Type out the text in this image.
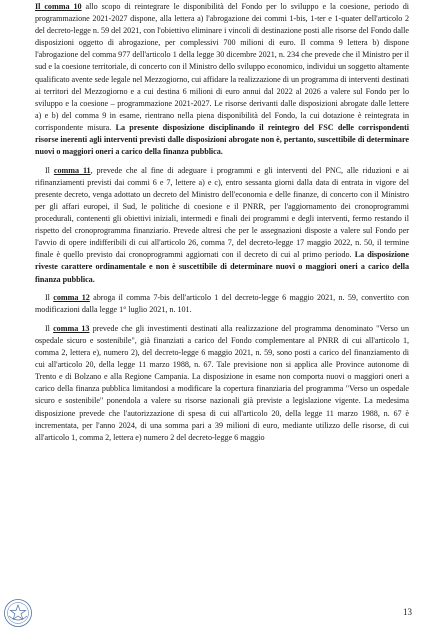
Il comma 10 allo scopo di reintegrare le disponibilità del Fondo per lo sviluppo e la coesione, periodo di programmazione 2021-2027 dispone, alla lettera a) l'abrogazione dei commi 1-bis, 1-ter e 1-quater dell'articolo 2 del decreto-legge n. 59 del 2021, con l'obiettivo eliminare i vincoli di destinazione posti alle risorse del Fondo dalle disposizioni oggetto di abrogazione, per complessivi 700 milioni di euro. Il comma 9 lettera b) dispone l'abrogazione del comma 977 dell'articolo 1 della legge 30 dicembre 2021, n. 234 che prevede che il Ministro per il sud e la coesione territoriale, di concerto con il Ministro dello sviluppo economico, individui un soggetto altamente qualificato avente sede legale nel Mezzogiorno, cui affidare la realizzazione di un programma di interventi destinati ai territori del Mezzogiorno e a cui destina 6 milioni di euro annui dal 2022 al 2026 a valere sul Fondo per lo sviluppo e la coesione – programmazione 2021-2027. Le risorse derivanti dalle disposizioni abrogate dalle lettere a) e b) del comma 9 in esame, rientrano nella piena disponibilità del Fondo, la cui dotazione è reintegrata in corrispondente misura. La presente disposizione disciplinando il reintegro del FSC delle corrispondenti risorse inerenti agli interventi previsti dalle disposizioni abrogate non è, pertanto, suscettibile di determinare nuovi o maggiori oneri a carico della finanza pubblica.

Il comma 11, prevede che al fine di adeguare i programmi e gli interventi del PNC, alle riduzioni e ai rifinanziamenti previsti dai commi 6 e 7, lettere a) e c), entro sessanta giorni dalla data di entrata in vigore del presente decreto, venga adottato un decreto del Ministro dell'economia e delle finanze, di concerto con il Ministro per gli affari europei, il Sud, le politiche di coesione e il PNRR, per l'aggiornamento dei cronoprogrammi procedurali, contenenti gli obiettivi iniziali, intermedi e finali dei programmi e degli interventi, fermo restando il rispetto del cronoprogramma finanziario. Prevede altresì che per le assegnazioni disposte a valere sul Fondo per l'avvio di opere indifferibili di cui all'articolo 26, comma 7, del decreto-legge 17 maggio 2022, n. 50, il termine finale è quello previsto dai cronoprogrammi aggiornati con il decreto di cui al primo periodo. La disposizione riveste carattere ordinamentale e non è suscettibile di determinare nuovi o maggiori oneri a carico della finanza pubblica.

Il comma 12 abroga il comma 7-bis dell'articolo 1 del decreto-legge 6 maggio 2021, n. 59, convertito con modificazioni dalla legge 1° luglio 2021, n. 101.

Il comma 13 prevede che gli investimenti destinati alla realizzazione del programma denominato "Verso un ospedale sicuro e sostenibile", già finanziati a carico del Fondo complementare al PNRR di cui all'articolo 1, comma 2, lettera e), numero 2), del decreto-legge 6 maggio 2021, n. 59, sono posti a carico del finanziamento di cui all'articolo 20, della legge 11 marzo 1988, n. 67. Tale previsione non si applica alle Province autonome di Trento e di Bolzano e alla Regione Campania. La disposizione in esame non comporta nuovi o maggiori oneri a carico della finanza pubblica limitandosi a modificare la copertura finanziaria del programma "Verso un ospedale sicuro e sostenibile" ponendola a valere su risorse nazionali già previste a legislazione vigente. La medesima disposizione prevede che l'autorizzazione di spesa di cui all'articolo 20, della legge 11 marzo 1988, n. 67 è incrementata, per l'anno 2024, di una somma pari a 39 milioni di euro, mediante utilizzo delle risorse, di cui all'articolo 1, comma 2, lettera e) numero 2 del decreto-legge 6 maggio

13
